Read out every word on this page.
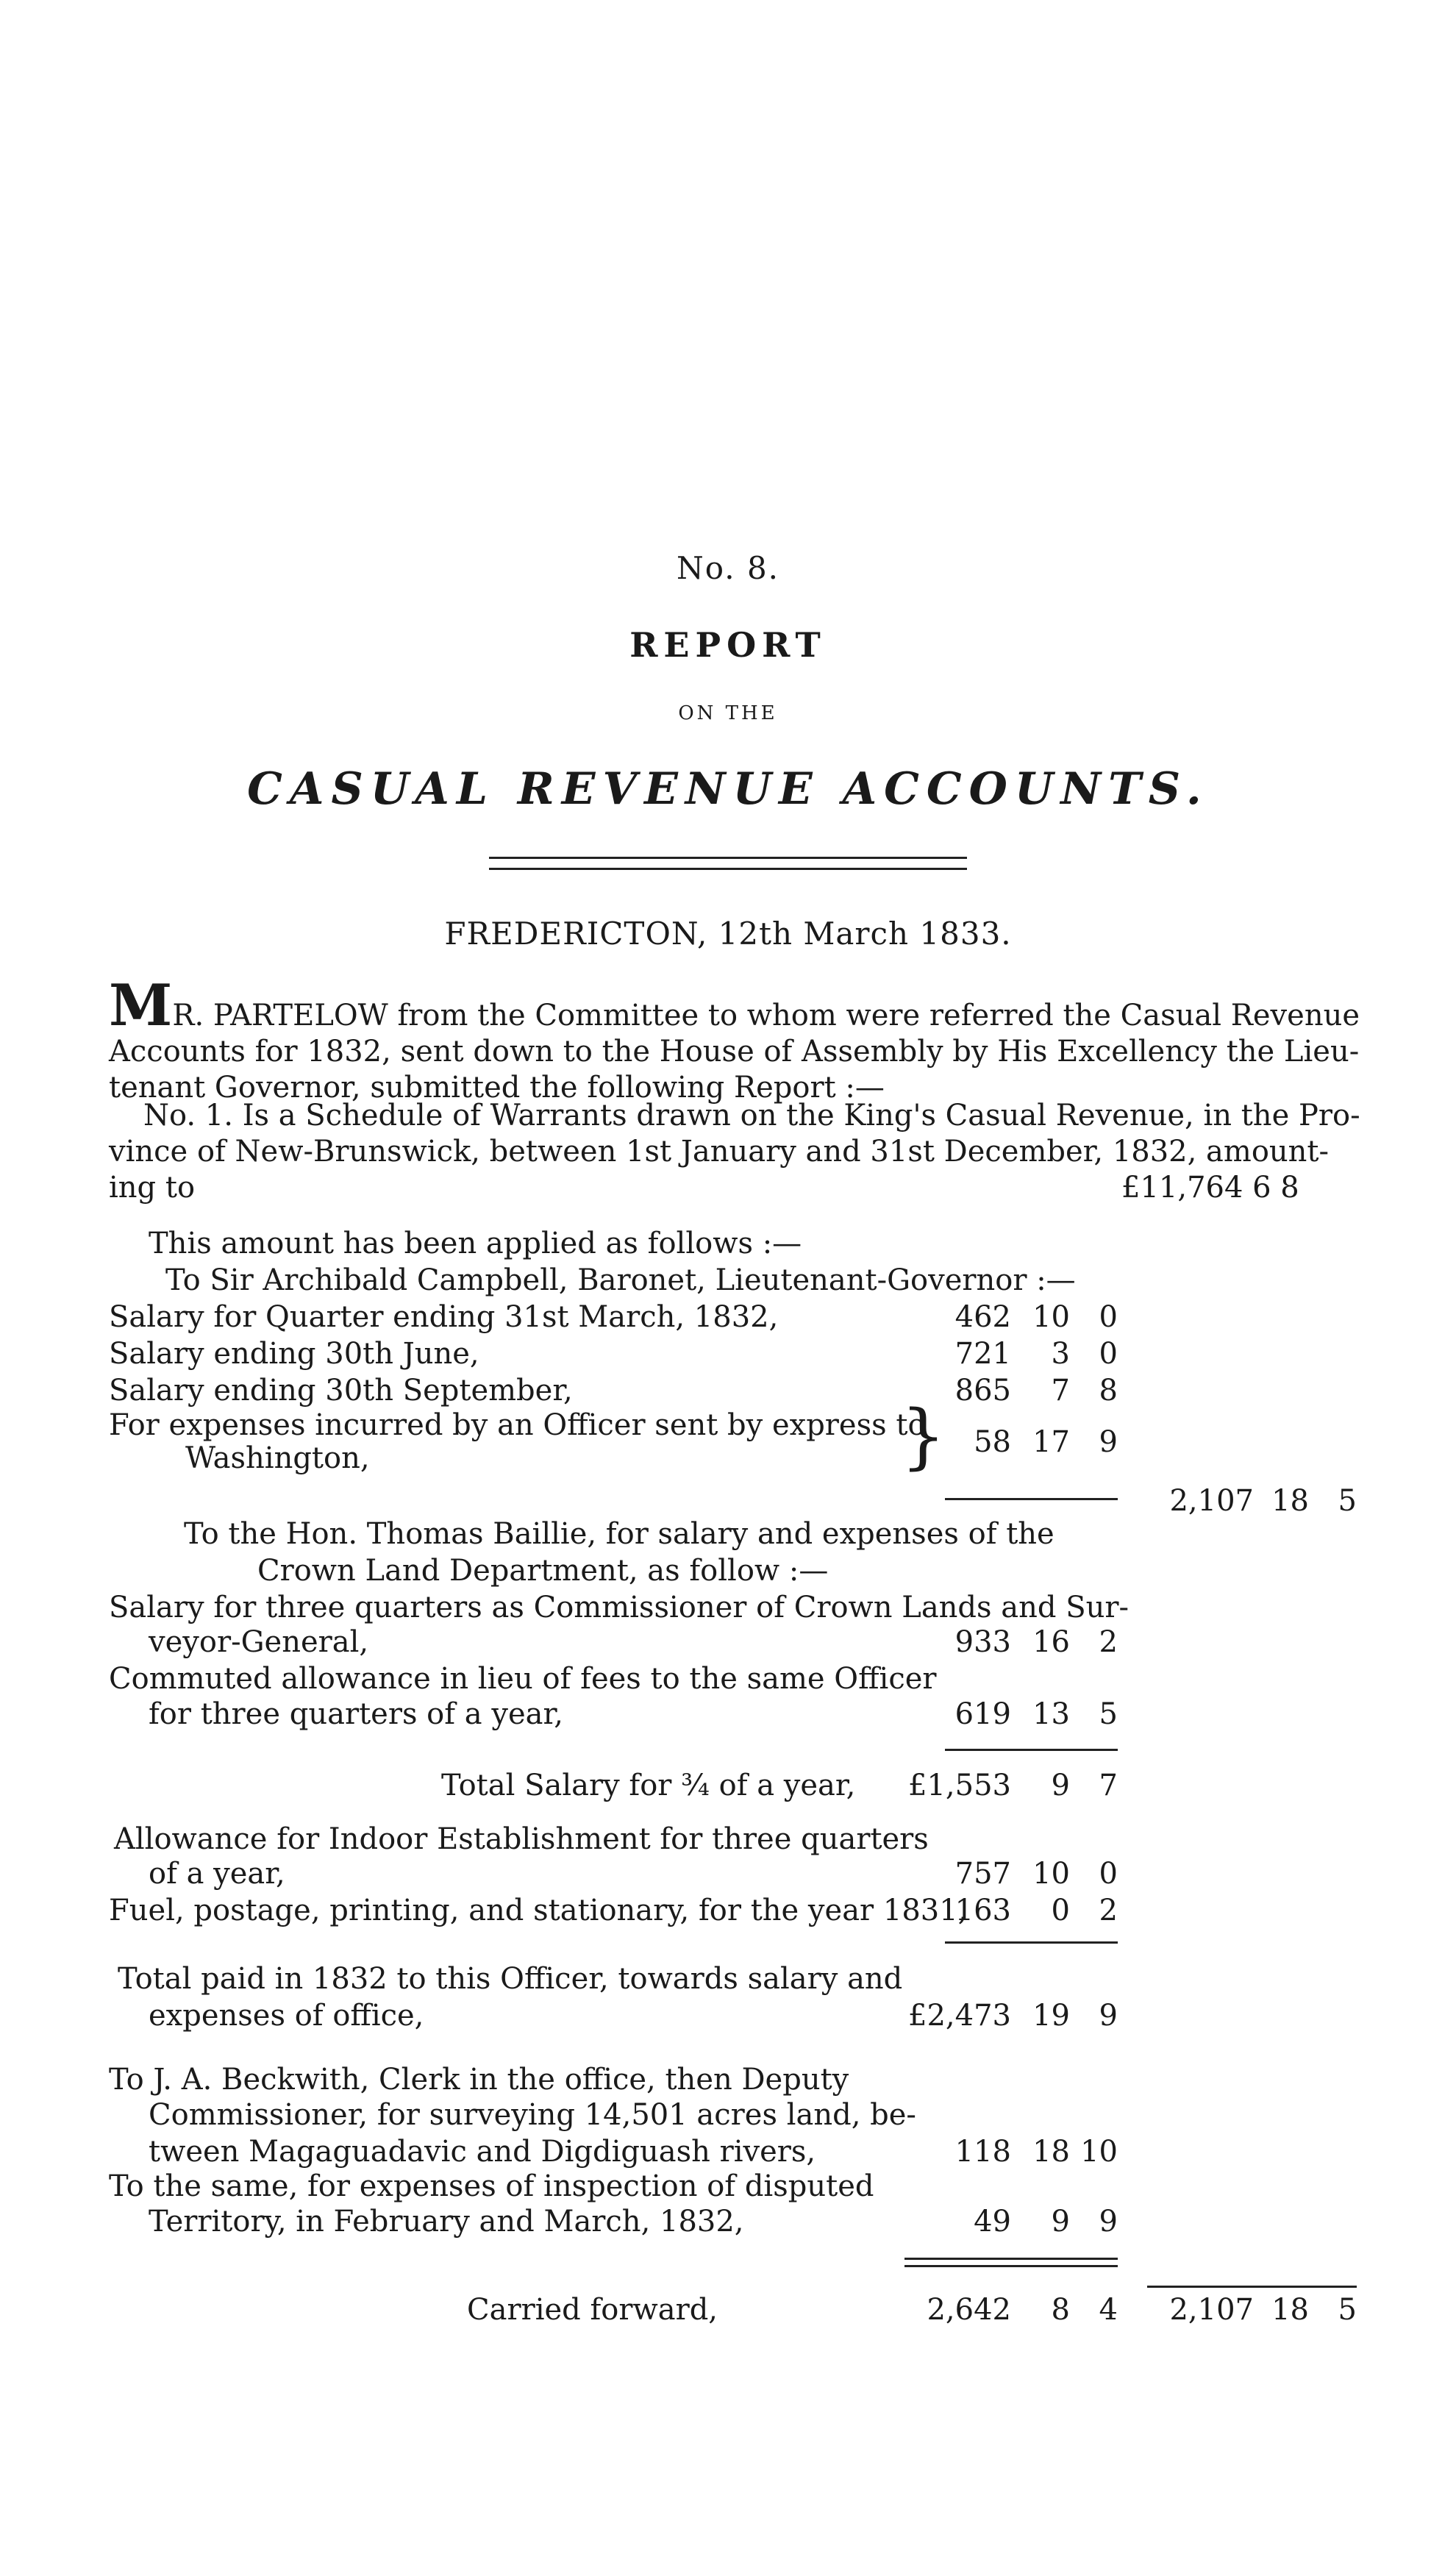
No. 8.
REPORT
ON THE
CASUAL REVENUE ACCOUNTS.
FREDERICTON, 12th March 1833.
MR. PARTELOW from the Committee to whom were referred the Casual Revenue
Accounts for 1832, sent down to the House of Assembly by His Excellency the Lieu-
tenant Governor, submitted the following Report :—
No. 1. Is a Schedule of Warrants drawn on the King's Casual Revenue, in the Pro-
vince of New-Brunswick, between 1st January and 31st December, 1832, amount-
ing to	£11,764 6 8
This amount has been applied as follows :—
To Sir Archibald Campbell, Baronet, Lieutenant-Governor :—
Salary for Quarter ending 31st March, 1832,	462 10 0
Salary ending 30th June,	721	3 0
Salary ending 30th September,	865	7 8
For expenses incurred by an Officer sent by express to
Washington,	} 58 17 9
2,107 18 5
To the Hon. Thomas Baillie, for salary and expenses of the
Crown Land Department, as follow :—
Salary for three quarters as Commissioner of Crown Lands and Sur-
veyor-General,	933 16 2
Commuted allowance in lieu of fees to the same Officer
for three quarters of a year,	619 13 5
Total Salary for ¾ of a year,	£1,553	9 7
Allowance for Indoor Establishment for three quarters
of a year,	757 10 0
Fuel, postage, printing, and stationary, for the year 1831,
163	0 2
Total paid in 1832 to this Officer, towards salary and
expenses of office,	£2,473 19 9
To J. A. Beckwith, Clerk in the office, then Deputy
Commissioner, for surveying 14,501 acres land, be-
tween Magaguadavic and Digdiguash rivers,	118 18 10
To the same, for expenses of inspection of disputed
Territory, in February and March, 1832,	49	9 9
Carried forward,	2,642	8 4	2,107 18 5
